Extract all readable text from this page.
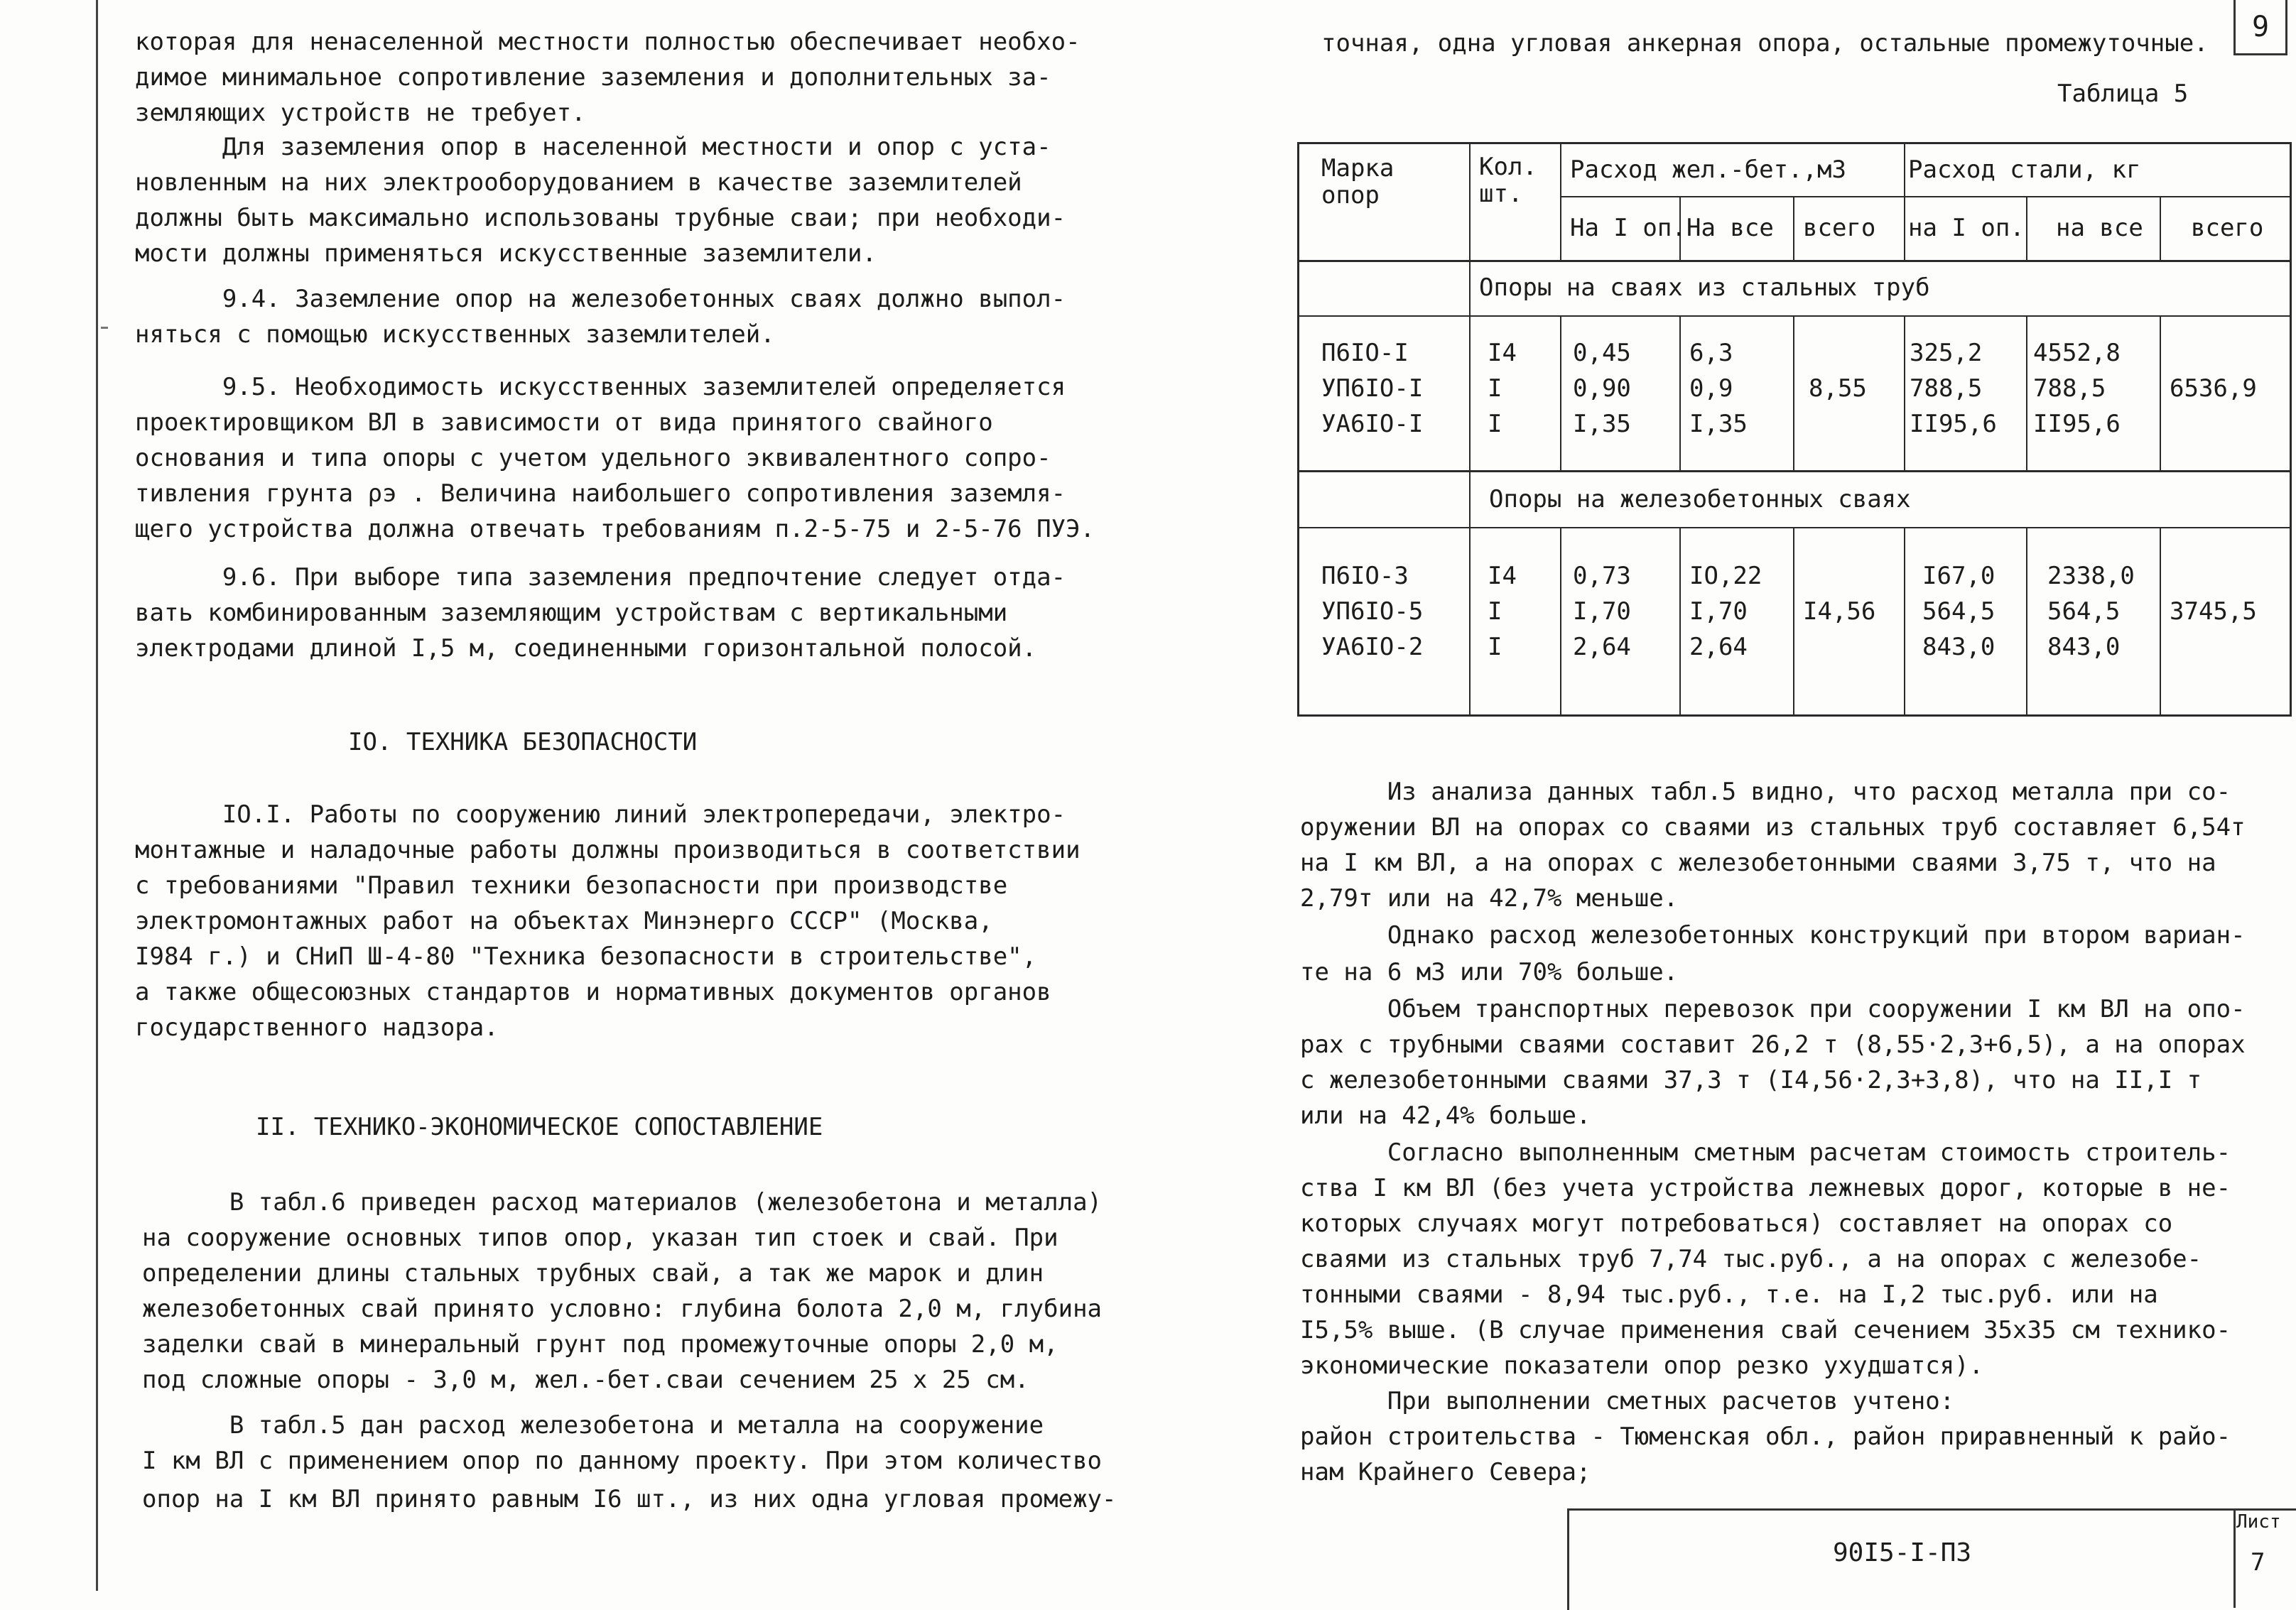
которая для ненаселенной местности полностью обеспечивает необхо-
димое минимальное сопротивление заземления и дополнительных за-
земляющих устройств не требует.
Для заземления опор в населенной местности и опор с уста-
новленным на них электрооборудованием в качестве заземлителей
должны быть максимально использованы трубные сваи; при необходи-
мости должны применяться искусственные заземлители.
9.4. Заземление опор на железобетонных сваях должно выпол-
няться с помощью искусственных заземлителей.
9.5. Необходимость искусственных заземлителей определяется
проектировщиком ВЛ в зависимости от вида принятого свайного
основания и типа опоры с учетом удельного эквивалентного сопро-
тивления грунта ρэ . Величина наибольшего сопротивления заземля-
щего устройства должна отвечать требованиям п.2-5-75 и 2-5-76 ПУЭ.
9.6. При выборе типа заземления предпочтение следует отда-
вать комбинированным заземляющим устройствам с вертикальными
электродами длиной I,5 м, соединенными горизонтальной полосой.
IO. ТЕХНИКА БЕЗОПАСНОСТИ
IO.I. Работы по сооружению линий электропередачи, электро-
монтажные и наладочные работы должны производиться в соответствии
с требованиями "Правил техники безопасности при производстве
электромонтажных работ на объектах Минэнерго СССР" (Москва,
I984 г.) и СНиП Ш-4-80 "Техника безопасности в строительстве",
а также общесоюзных стандартов и нормативных документов органов
государственного надзора.
II. ТЕХНИКО-ЭКОНОМИЧЕСКОЕ СОПОСТАВЛЕНИЕ
В табл.6 приведен расход материалов (железобетона и металла)
на сооружение основных типов опор, указан тип стоек и свай. При
определении длины стальных трубных свай, а так же марок и длин
железобетонных свай принято условно: глубина болота 2,0 м, глубина
заделки свай в минеральный грунт под промежуточные опоры 2,0 м,
под сложные опоры - 3,0 м, жел.-бет.сваи сечением 25 х 25 см.
В табл.5 дан расход железобетона и металла на сооружение
I км ВЛ с применением опор по данному проекту. При этом количество
опор на I км ВЛ принято равным I6 шт., из них одна угловая промежу-
9
точная, одна угловая анкерная опора, остальные промежуточные.
Таблица 5
Марка
опор
Кол.
шт.
Расход жел.-бет.,м3	Расход стали, кг
На I оп. На все всего на I оп. на все всего
Опоры на сваях из стальных труб
П6IO-I
УП6IO-I
УА6IO-I
I4
I
I
0,45
0,90
I,35
6,3
0,9
I,35
8,55
325,2
788,5
II95,6
4552,8
788,5
II95,6
6536,9
Опоры на железобетонных сваях
П6IO-3
УП6IO-5
УА6IO-2
I4
I
I
0,73
I,70
2,64
IO,22
I,70
2,64
I4,56
I67,0
564,5
843,0
2338,0
564,5
843,0
3745,5
Из анализа данных табл.5 видно, что расход металла при со-
оружении ВЛ на опорах со сваями из стальных труб составляет 6,54т
на I км ВЛ, а на опорах с железобетонными сваями 3,75 т, что на
2,79т или на 42,7% меньше.
Однако расход железобетонных конструкций при втором вариан-
те на 6 м3 или 70% больше.
Объем транспортных перевозок при сооружении I км ВЛ на опо-
рах с трубными сваями составит 26,2 т (8,55·2,3+6,5), а на опорах
с железобетонными сваями 37,3 т (I4,56·2,3+3,8), что на II,I т
или на 42,4% больше.
Согласно выполненным сметным расчетам стоимость строитель-
ства I км ВЛ (без учета устройства лежневых дорог, которые в не-
которых случаях могут потребоваться) составляет на опорах со
сваями из стальных труб 7,74 тыс.руб., а на опорах с железобе-
тонными сваями - 8,94 тыс.руб., т.е. на I,2 тыс.руб. или на
I5,5% выше. (В случае применения свай сечением 35х35 см технико-
экономические показатели опор резко ухудшатся).
При выполнении сметных расчетов учтено:
район строительства - Тюменская обл., район приравненный к райо-
нам Крайнего Севера;
90I5-I-ПЗ
Лист
7
